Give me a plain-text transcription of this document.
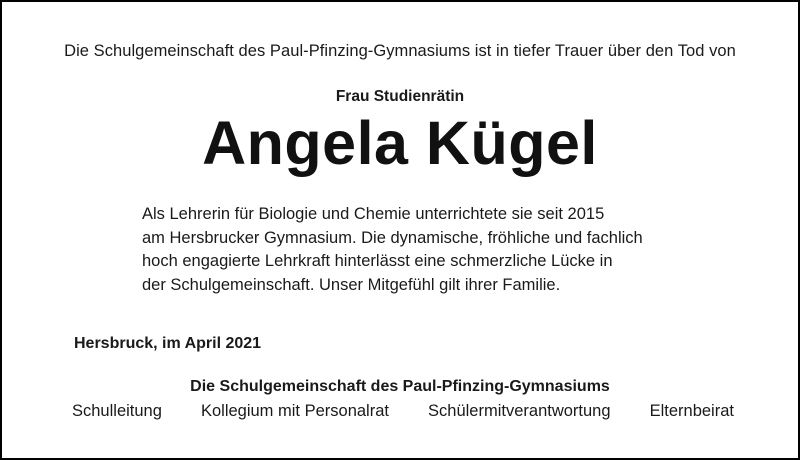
Die Schulgemeinschaft des Paul-Pfinzing-Gymnasiums ist in tiefer Trauer über den Tod von
Frau Studienrätin
Angela Kügel
Als Lehrerin für Biologie und Chemie unterrichtete sie seit 2015
am Hersbrucker Gymnasium. Die dynamische, fröhliche und fachlich
hoch engagierte Lehrkraft hinterlässt eine schmerzliche Lücke in
der Schulgemeinschaft. Unser Mitgefühl gilt ihrer Familie.
Hersbruck, im April 2021
Die Schulgemeinschaft des Paul-Pfinzing-Gymnasiums
Schulleitung Kollegium mit Personalrat Schülermitverantwortung Elternbeirat
